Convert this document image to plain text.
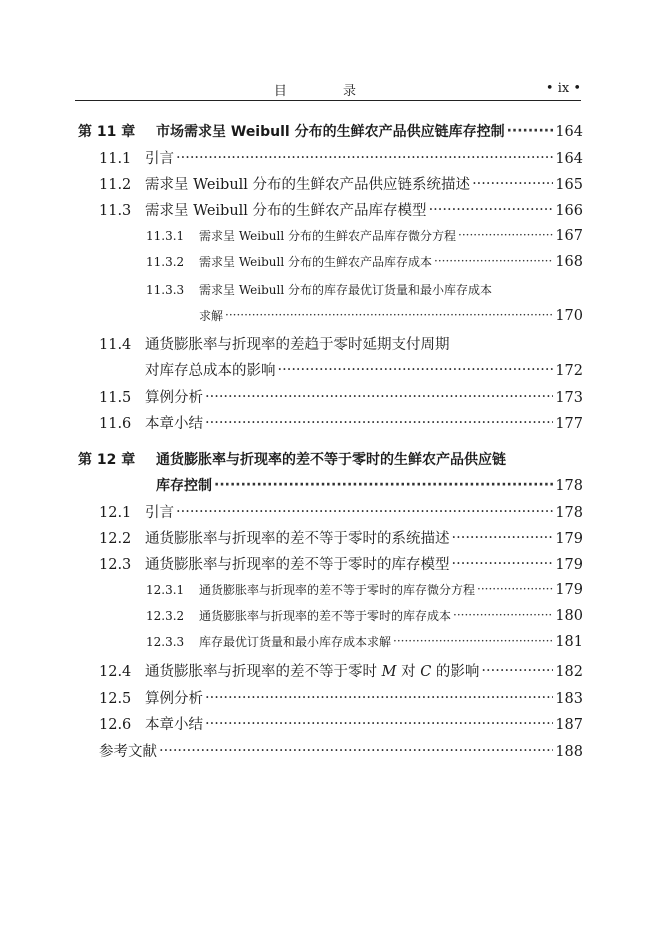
目 录	• ix •
第 11 章	市场需求呈 Weibull 分布的生鲜农产品供应链库存控制 ·····	164
11.1 引言 ·····	164
11.2 需求呈 Weibull 分布的生鲜农产品供应链系统描述 ·····	165
11.3 需求呈 Weibull 分布的生鲜农产品库存模型 ·····	166
11.3.1	需求呈 Weibull 分布的生鲜农产品库存微分方程 ·····	167
11.3.2	需求呈 Weibull 分布的生鲜农产品库存成本 ·····	168
11.3.3	需求呈 Weibull 分布的库存最优订货量和最小库存成本
求解 ·····	170
11.4 通货膨胀率与折现率的差趋于零时延期支付周期
对库存总成本的影响 ·····	172
11.5 算例分析 ·····	173
11.6 本章小结 ·····	177
第 12 章	通货膨胀率与折现率的差不等于零时的生鲜农产品供应链
库存控制 ·····	178
12.1 引言 ·····	178
12.2 通货膨胀率与折现率的差不等于零时的系统描述 ·····	179
12.3 通货膨胀率与折现率的差不等于零时的库存模型 ·····	179
12.3.1	通货膨胀率与折现率的差不等于零时的库存微分方程 ·····	179
12.3.2	通货膨胀率与折现率的差不等于零时的库存成本 ·····	180
12.3.3	库存最优订货量和最小库存成本求解 ·····	181
12.4 通货膨胀率与折现率的差不等于零时 M 对 C 的影响 ·····	182
12.5 算例分析 ·····	183
12.6 本章小结 ·····	187
参考文献 ·····	188
